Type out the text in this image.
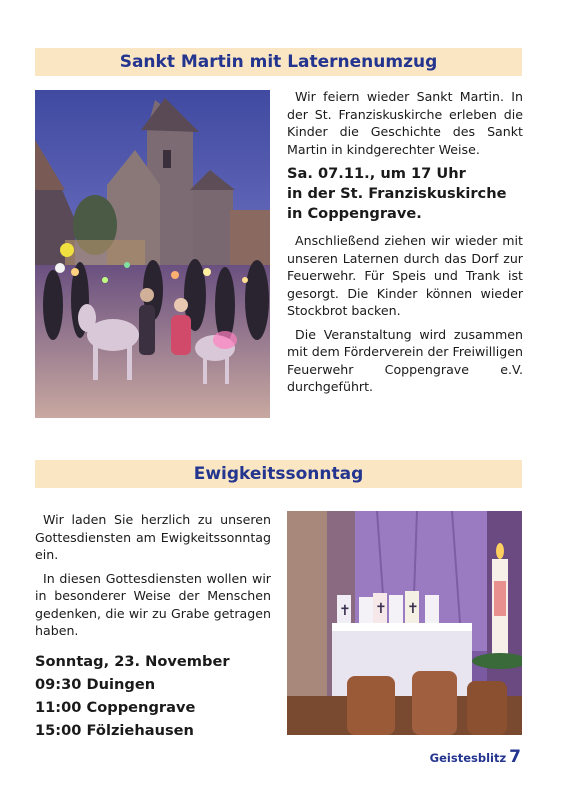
Sankt Martin mit Laternenumzug

Wir feiern wieder Sankt Martin. In der St. Franziskuskirche erleben die Kinder die Geschichte des Sankt Martin in kindgerechter Weise.

Sa. 07.11., um 17 Uhr
in der St. Franziskuskirche
in Coppengrave.

Anschließend ziehen wir wieder mit unseren Laternen durch das Dorf zur Feuerwehr. Für Speis und Trank ist gesorgt. Die Kinder können wieder Stockbrot backen.

Die Veranstaltung wird zusammen mit dem Förderverein der Freiwilligen Feuerwehr Coppengrave e.V. durchgeführt.

Ewigkeitssonntag

Wir laden Sie herzlich zu unseren Gottesdiensten am Ewigkeitssonntag ein.

In diesen Gottesdiensten wollen wir in besonderer Weise der Menschen gedenken, die wir zu Grabe getragen haben.

Sonntag, 23. November
09:30 Duingen
11:00 Coppengrave
15:00 Fölziehausen
✝ ✝ ✝
Geistesblitz 7
